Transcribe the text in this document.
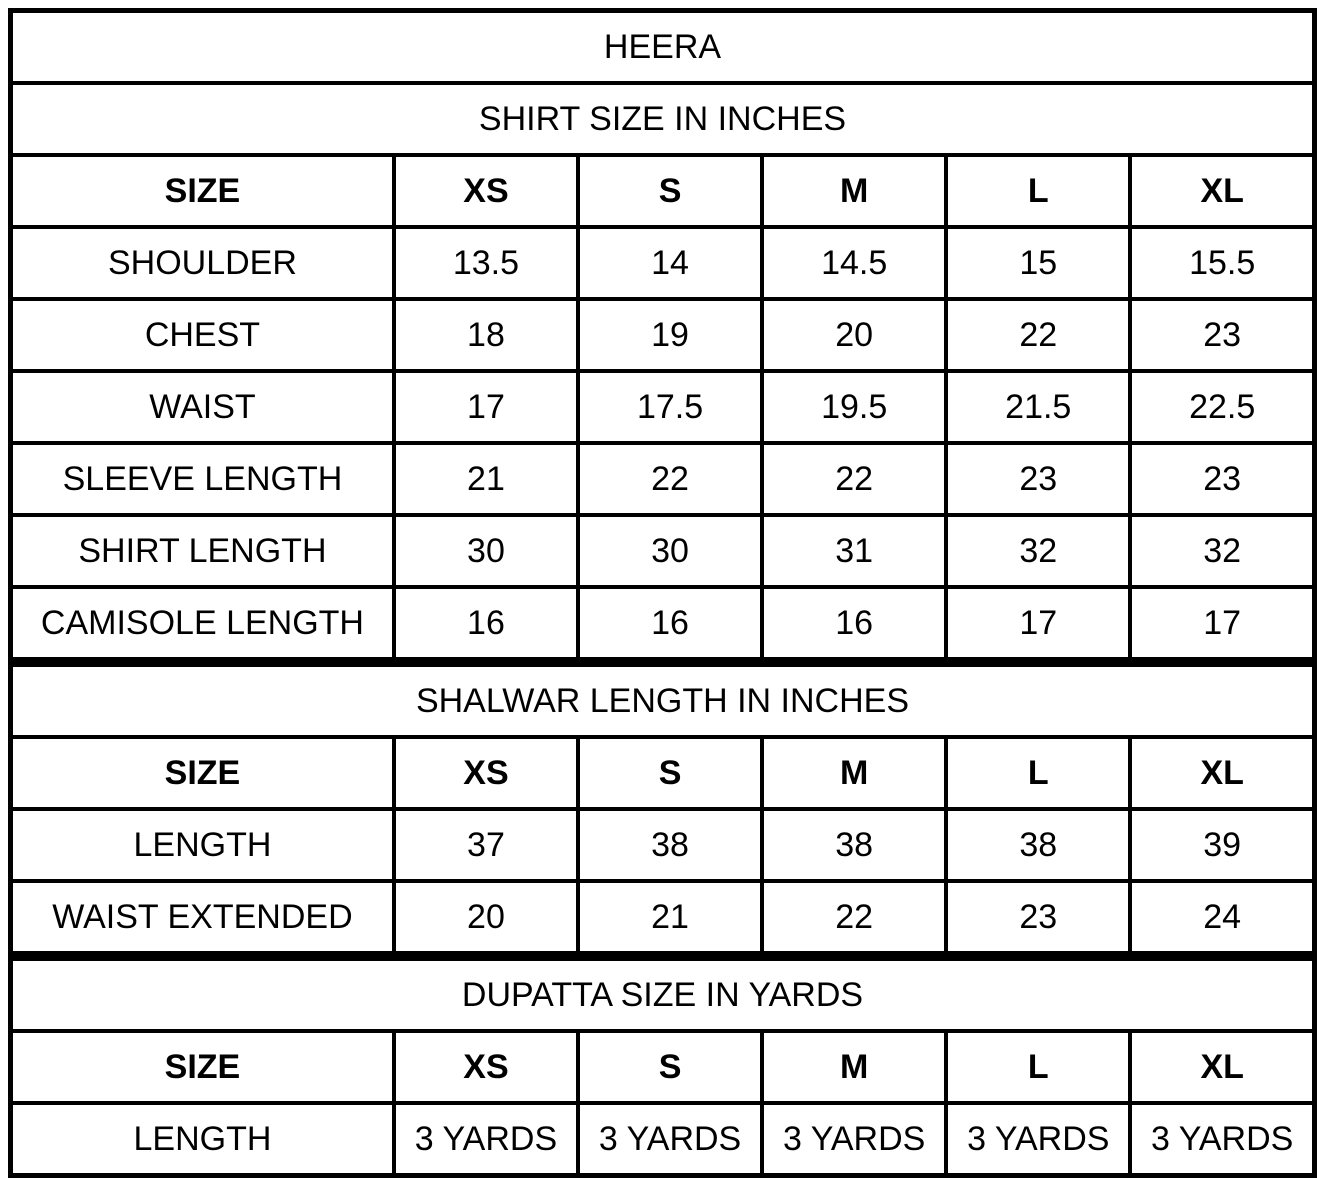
HEERA					
SHIRT SIZE IN INCHES					
SIZE	XS	S	M	L	XL
SHOULDER	13.5	14	14.5	15	15.5
CHEST	18	19	20	22	23
WAIST	17	17.5	19.5	21.5	22.5
SLEEVE LENGTH	21	22	22	23	23
SHIRT LENGTH	30	30	31	32	32
CAMISOLE LENGTH	16	16	16	17	17
SHALWAR LENGTH IN INCHES					
SIZE	XS	S	M	L	XL
LENGTH	37	38	38	38	39
WAIST EXTENDED	20	21	22	23	24
DUPATTA SIZE IN YARDS					
SIZE	XS	S	M	L	XL
LENGTH	3 YARDS	3 YARDS	3 YARDS	3 YARDS	3 YARDS
